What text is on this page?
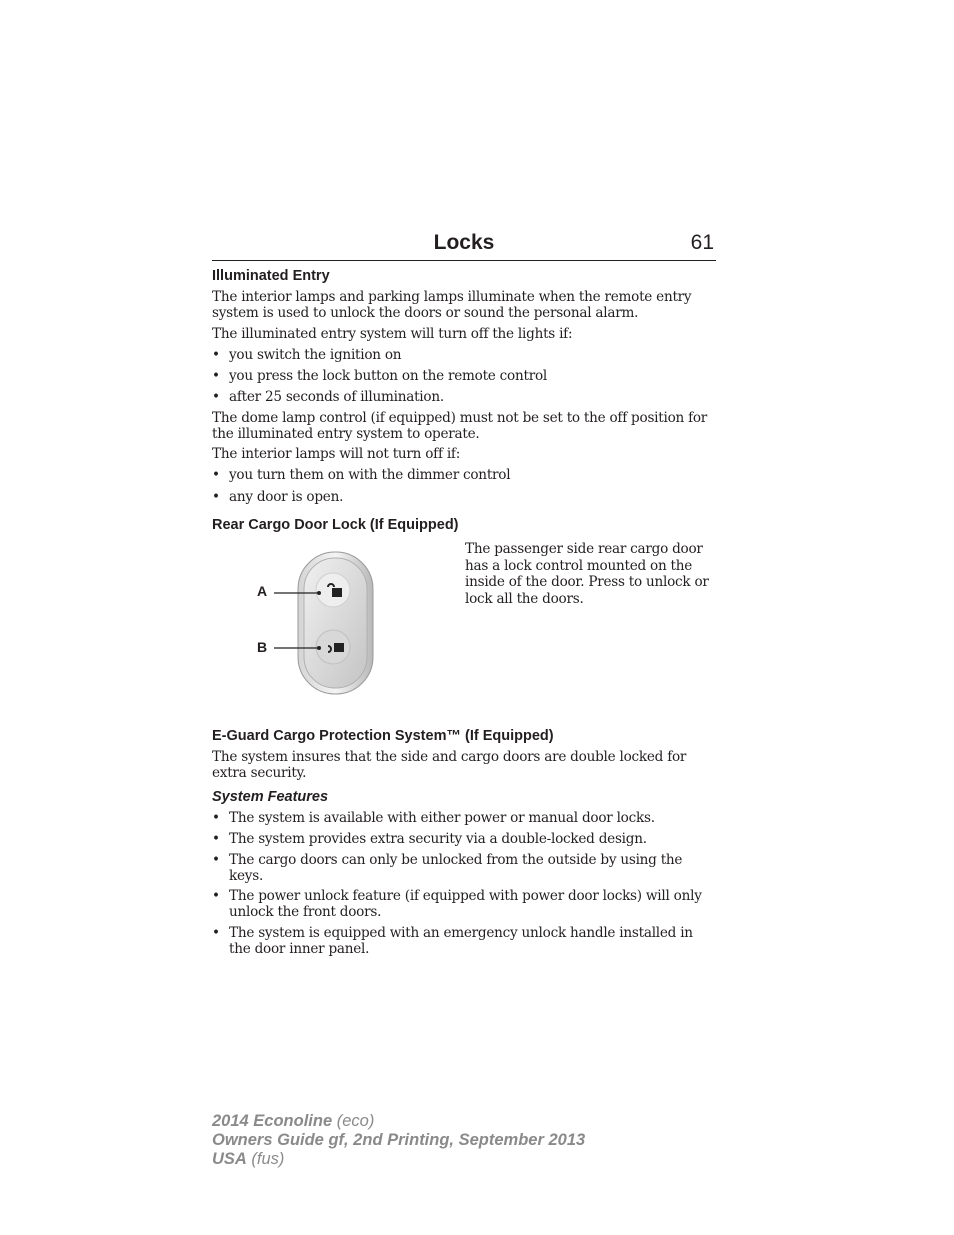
Locks	61
Illuminated Entry
The interior lamps and parking lamps illuminate when the remote entry system is used to unlock the doors or sound the personal alarm.
The illuminated entry system will turn off the lights if:
• you switch the ignition on
• you press the lock button on the remote control
• after 25 seconds of illumination.
The dome lamp control (if equipped) must not be set to the off position for the illuminated entry system to operate.
The interior lamps will not turn off if:
• you turn them on with the dimmer control
• any door is open.
Rear Cargo Door Lock (If Equipped)
A
B
The passenger side rear cargo door has a lock control mounted on the inside of the door. Press to unlock or lock all the doors.
E-Guard Cargo Protection System™ (If Equipped)
The system insures that the side and cargo doors are double locked for extra security.
System Features
• The system is available with either power or manual door locks.
• The system provides extra security via a double-locked design.
• The cargo doors can only be unlocked from the outside by using the keys.
• The power unlock feature (if equipped with power door locks) will only unlock the front doors.
• The system is equipped with an emergency unlock handle installed in the door inner panel.
2014 Econoline (eco)
Owners Guide gf, 2nd Printing, September 2013
USA (fus)
